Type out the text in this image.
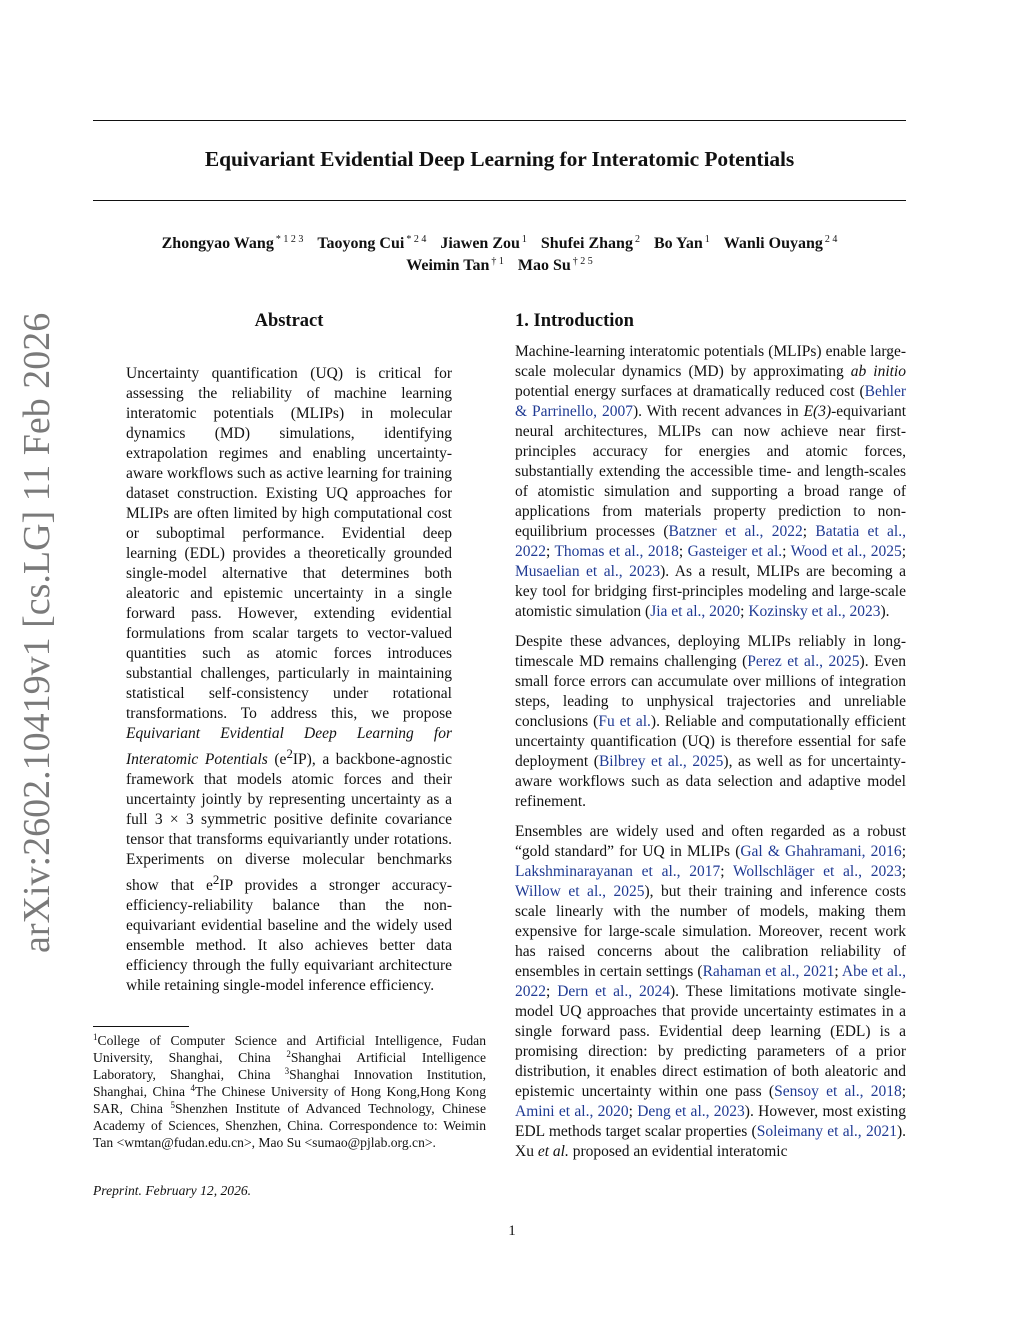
Equivariant Evidential Deep Learning for Interatomic Potentials
Zhongyao Wang $^{* 1 2 3}$ Taoyong Cui $^{* 2 4}$ Jiawen Zou $^1$ Shufei Zhang $^2$ Bo Yan $^1$ Wanli Ouyang $^{2 4}$
Weimin Tan $^{\dagger 1}$ Mao Su $^{\dagger 2 5}$
arXiv:2602.10419v1 [cs.LG] 11 Feb 2026	Abstract
Uncertainty quantification (UQ) is critical for assessing the reliability of machine learning interatomic potentials (MLIPs) in molecular dynamics (MD) simulations, identifying extrapolation regimes and enabling uncertainty-aware workflows such as active learning for training dataset construction. Existing UQ approaches for MLIPs are often limited by high computational cost or suboptimal performance. Evidential deep learning (EDL) provides a theoretically grounded single-model alternative that determines both aleatoric and epistemic uncertainty in a single forward pass. However, extending evidential formulations from scalar targets to vector-valued quantities such as atomic forces introduces substantial challenges, particularly in maintaining statistical self-consistency under rotational transformations. To address this, we propose Equivariant Evidential Deep Learning for Interatomic Potentials $(e^2IP)$, a backbone-agnostic framework that models atomic forces and their uncertainty jointly by representing uncertainty as a full 3 × 3 symmetric positive definite covariance tensor that transforms equivariantly under rotations. Experiments on diverse molecular benchmarks show that $e^2IP$ provides a stronger accuracy-efficiency-reliability balance than the non-equivariant evidential baseline and the widely used ensemble method. It also achieves better data efficiency through the fully equivariant architecture while retaining single-model inference efficiency.
1. Introduction

Machine-learning interatomic potentials (MLIPs) enable large-scale molecular dynamics (MD) by approximating ab initio potential energy surfaces at dramatically reduced cost (Behler & Parrinello, 2007). With recent advances in E(3)-equivariant neural architectures, MLIPs can now achieve near first-principles accuracy for energies and atomic forces, substantially extending the accessible time- and length-scales of atomistic simulation and supporting a broad range of applications from materials property prediction to non-equilibrium processes (Batzner et al., 2022; Batatia et al., 2022; Thomas et al., 2018; Gasteiger et al.; Wood et al., 2025; Musaelian et al., 2023). As a result, MLIPs are becoming a key tool for bridging first-principles modeling and large-scale atomistic simulation (Jia et al., 2020; Kozinsky et al., 2023).

Despite these advances, deploying MLIPs reliably in long-timescale MD remains challenging (Perez et al., 2025). Even small force errors can accumulate over millions of integration steps, leading to unphysical trajectories and unreliable conclusions (Fu et al.). Reliable and computationally efficient uncertainty quantification (UQ) is therefore essential for safe deployment (Bilbrey et al., 2025), as well as for uncertainty-aware workflows such as data selection and adaptive model refinement.

Ensembles are widely used and often regarded as a robust “gold standard” for UQ in MLIPs (Gal & Ghahramani, 2016; Lakshminarayanan et al., 2017; Wollschläger et al., 2023; Willow et al., 2025), but their training and inference costs scale linearly with the number of models, making them expensive for large-scale simulation. Moreover, recent work has raised concerns about the calibration reliability of ensembles in certain settings (Rahaman et al., 2021; Abe et al., 2022; Dern et al., 2024). These limitations motivate single-model UQ approaches that provide uncertainty estimates in a single forward pass. Evidential deep learning (EDL) is a promising direction: by predicting parameters of a prior distribution, it enables direct estimation of both aleatoric and epistemic uncertainty within one pass (Sensoy et al., 2018; Amini et al., 2020; Deng et al., 2023). However, most existing EDL methods target scalar properties (Soleimany et al., 2021). Xu et al. proposed an evidential interatomic

$^1$College of Computer Science and Artificial Intelligence, Fudan University, Shanghai, China $^2$Shanghai Artificial Intelligence Laboratory, Shanghai, China $^3$Shanghai Innovation Institution, Shanghai, China $^4$The Chinese University of Hong Kong,Hong Kong SAR, China $^5$Shenzhen Institute of Advanced Technology, Chinese Academy of Sciences, Shenzhen, China. Correspondence to: Weimin Tan <wmtan@fudan.edu.cn>, Mao Su <sumao@pjlab.org.cn>.
Preprint. February 12, 2026.
1
